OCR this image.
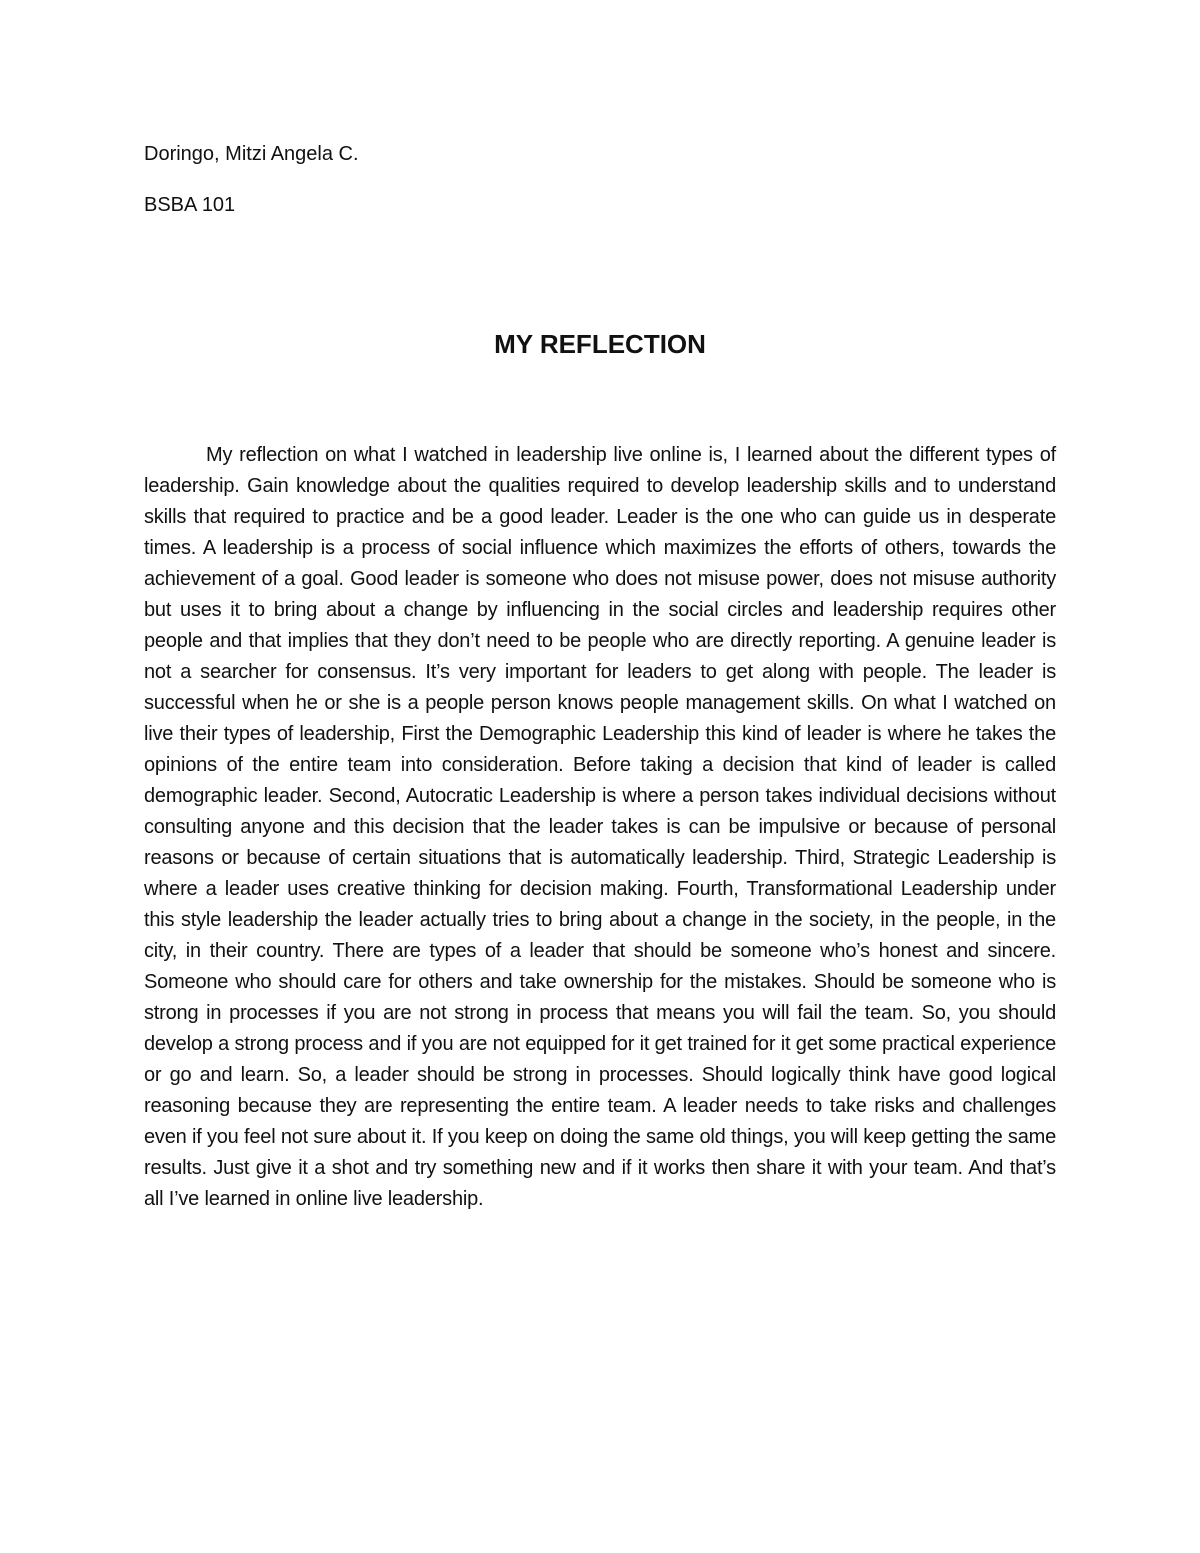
Doringo, Mitzi Angela C.

BSBA 101

MY REFLECTION

My reflection on what I watched in leadership live online is, I learned about the different types of leadership. Gain knowledge about the qualities required to develop leadership skills and to understand skills that required to practice and be a good leader. Leader is the one who can guide us in desperate times. A leadership is a process of social influence which maximizes the efforts of others, towards the achievement of a goal. Good leader is someone who does not misuse power, does not misuse authority but uses it to bring about a change by influencing in the social circles and leadership requires other people and that implies that they don’t need to be people who are directly reporting. A genuine leader is not a searcher for consensus. It’s very important for leaders to get along with people. The leader is successful when he or she is a people person knows people management skills. On what I watched on live their types of leadership, First the Demographic Leadership this kind of leader is where he takes the opinions of the entire team into consideration. Before taking a decision that kind of leader is called demographic leader. Second, Autocratic Leadership is where a person takes individual decisions without consulting anyone and this decision that the leader takes is can be impulsive or because of personal reasons or because of certain situations that is automatically leadership. Third, Strategic Leadership is where a leader uses creative thinking for decision making. Fourth, Transformational Leadership under this style leadership the leader actually tries to bring about a change in the society, in the people, in the city, in their country. There are types of a leader that should be someone who’s honest and sincere. Someone who should care for others and take ownership for the mistakes. Should be someone who is strong in processes if you are not strong in process that means you will fail the team. So, you should develop a strong process and if you are not equipped for it get trained for it get some practical experience or go and learn. So, a leader should be strong in processes. Should logically think have good logical reasoning because they are representing the entire team. A leader needs to take risks and challenges even if you feel not sure about it. If you keep on doing the same old things, you will keep getting the same results. Just give it a shot and try something new and if it works then share it with your team. And that’s all I’ve learned in online live leadership.
